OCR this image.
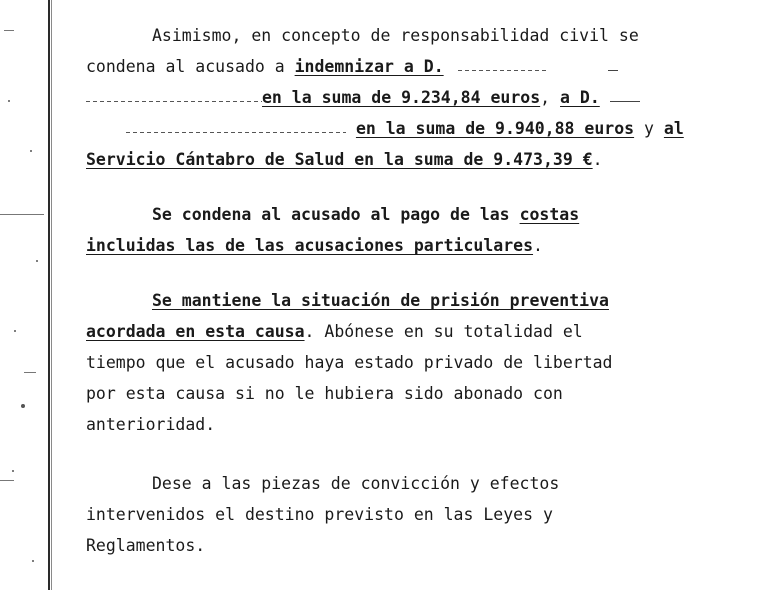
Asimismo, en concepto de responsabilidad civil se
condena al acusado a indemnizar a D.
en la suma de 9.234,84 euros, a D.
en la suma de 9.940,88 euros y al
Servicio Cántabro de Salud en la suma de 9.473,39 €.
Se condena al acusado al pago de las costas
incluidas las de las acusaciones particulares.
Se mantiene la situación de prisión preventiva
acordada en esta causa. Abónese en su totalidad el
tiempo que el acusado haya estado privado de libertad
por esta causa si no le hubiera sido abonado con
anterioridad.
Dese a las piezas de convicción y efectos
intervenidos el destino previsto en las Leyes y
Reglamentos.
